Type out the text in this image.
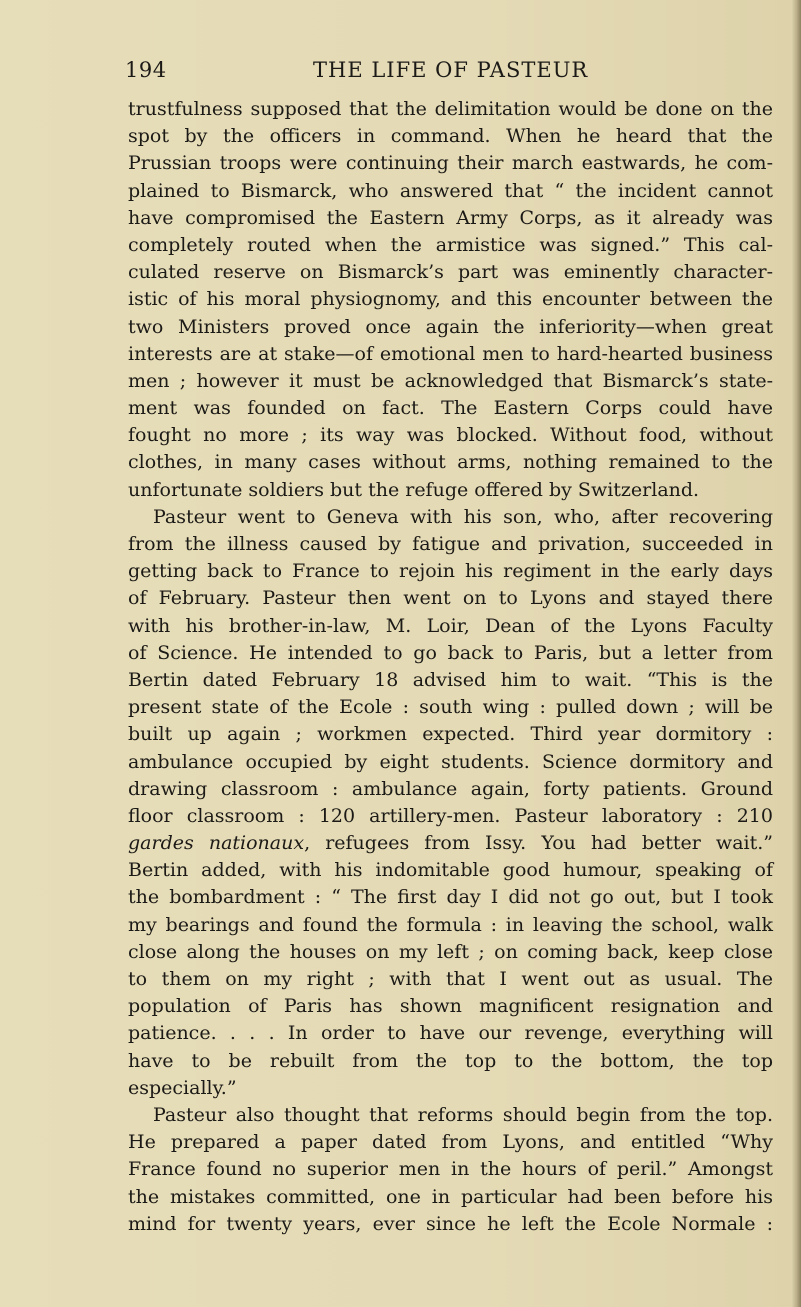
194	THE LIFE OF PASTEUR
trustfulness supposed that the delimitation would be done on the
spot by the officers in command. When he heard that the
Prussian troops were continuing their march eastwards, he com-
plained to Bismarck, who answered that “ the incident cannot
have compromised the Eastern Army Corps, as it already was
completely routed when the armistice was signed.” This cal-
culated reserve on Bismarck’s part was eminently character-
istic of his moral physiognomy, and this encounter between the
two Ministers proved once again the inferiority—when great
interests are at stake—of emotional men to hard-hearted business
men ; however it must be acknowledged that Bismarck’s state-
ment was founded on fact. The Eastern Corps could have
fought no more ; its way was blocked. Without food, without
clothes, in many cases without arms, nothing remained to the
unfortunate soldiers but the refuge offered by Switzerland.
Pasteur went to Geneva with his son, who, after recovering
from the illness caused by fatigue and privation, succeeded in
getting back to France to rejoin his regiment in the early days
of February. Pasteur then went on to Lyons and stayed there
with his brother-in-law, M. Loir, Dean of the Lyons Faculty
of Science. He intended to go back to Paris, but a letter from
Bertin dated February 18 advised him to wait. “This is the
present state of the Ecole : south wing : pulled down ; will be
built up again ; workmen expected. Third year dormitory :
ambulance occupied by eight students. Science dormitory and
drawing classroom : ambulance again, forty patients. Ground
floor classroom : 120 artillery-men. Pasteur laboratory : 210
gardes nationaux, refugees from Issy. You had better wait.”
Bertin added, with his indomitable good humour, speaking of
the bombardment : “ The first day I did not go out, but I took
my bearings and found the formula : in leaving the school, walk
close along the houses on my left ; on coming back, keep close
to them on my right ; with that I went out as usual. The
population of Paris has shown magnificent resignation and
patience. . . . In order to have our revenge, everything will
have to be rebuilt from the top to the bottom, the top
especially.”
Pasteur also thought that reforms should begin from the top.
He prepared a paper dated from Lyons, and entitled “Why
France found no superior men in the hours of peril.” Amongst
the mistakes committed, one in particular had been before his
mind for twenty years, ever since he left the Ecole Normale :
